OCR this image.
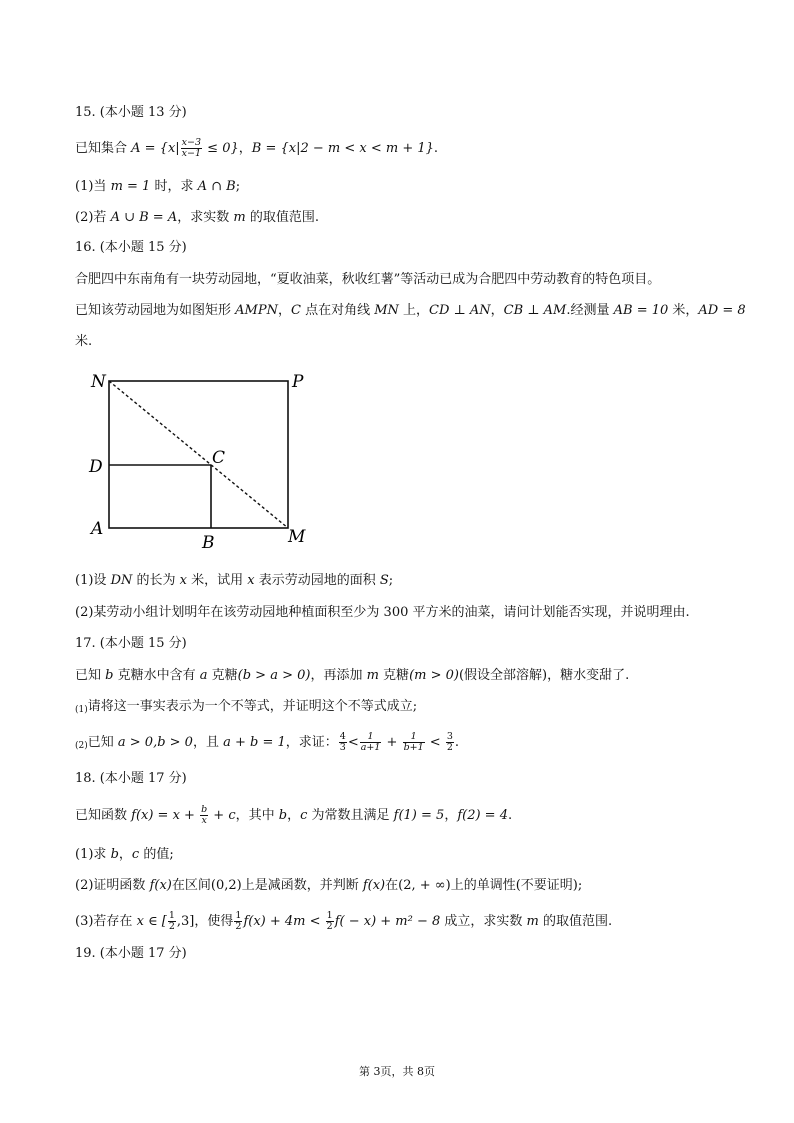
15. (本小题 13 分)
已知集合 $A = \{x| \frac{x-3}{x-1} \le 0\}$，B = {x|2 − m < x < m + 1}.
(1)当 m = 1 时，求 A ∩ B;
(2)若 A ∪ B = A，求实数 m 的取值范围.
16. (本小题 15 分)
合肥四中东南角有一块劳动园地，“夏收油菜，秋收红薯”等活动已成为合肥四中劳动教育的特色项目。
已知该劳动园地为如图矩形 AMPN，C 点在对角线 MN 上，CD ⊥ AN，CB ⊥ AM.经测量 AB = 10 米，AD = 8
米.
N	P
D	C
A
B	M
(1)设 DN 的长为 x 米，试用 x 表示劳动园地的面积 S;
(2)某劳动小组计划明年在该劳动园地种植面积至少为 300 平方米的油菜，请问计划能否实现，并说明理由.
17. (本小题 15 分)
已知 b 克糖水中含有 a 克糖(b > a > 0)，再添加 m 克糖(m > 0)(假设全部溶解)，糖水变甜了.
$_{(1)}$请将这一事实表示为一个不等式，并证明这个不等式成立;
$_{(2)}$已知 a > 0,b > 0，且 a + b = 1，求证： $\frac{4}{3} < \frac{1}{a+1} + \frac{1}{b+1} < \frac{3}{2}$ .
18. (本小题 17 分)
已知函数 $f(x) = x + \frac{b}{x} + c$，其中 b，c 为常数且满足 f(1) = 5，f(2) = 4.
(1)求 b，c 的值;
(2)证明函数 f(x)在区间(0,2)上是减函数，并判断 f(x)在(2, + ∞)上的单调性(不要证明);
(3)若存在 x ∈ [ $\frac{1}{2} ,3$]，使得 $\frac{1}{2} f(x) + 4m < \frac{1}{2} f( - x) + m^2 - 8$ 成立，求实数 m 的取值范围.
19. (本小题 17 分)
第 3页，共 8页
